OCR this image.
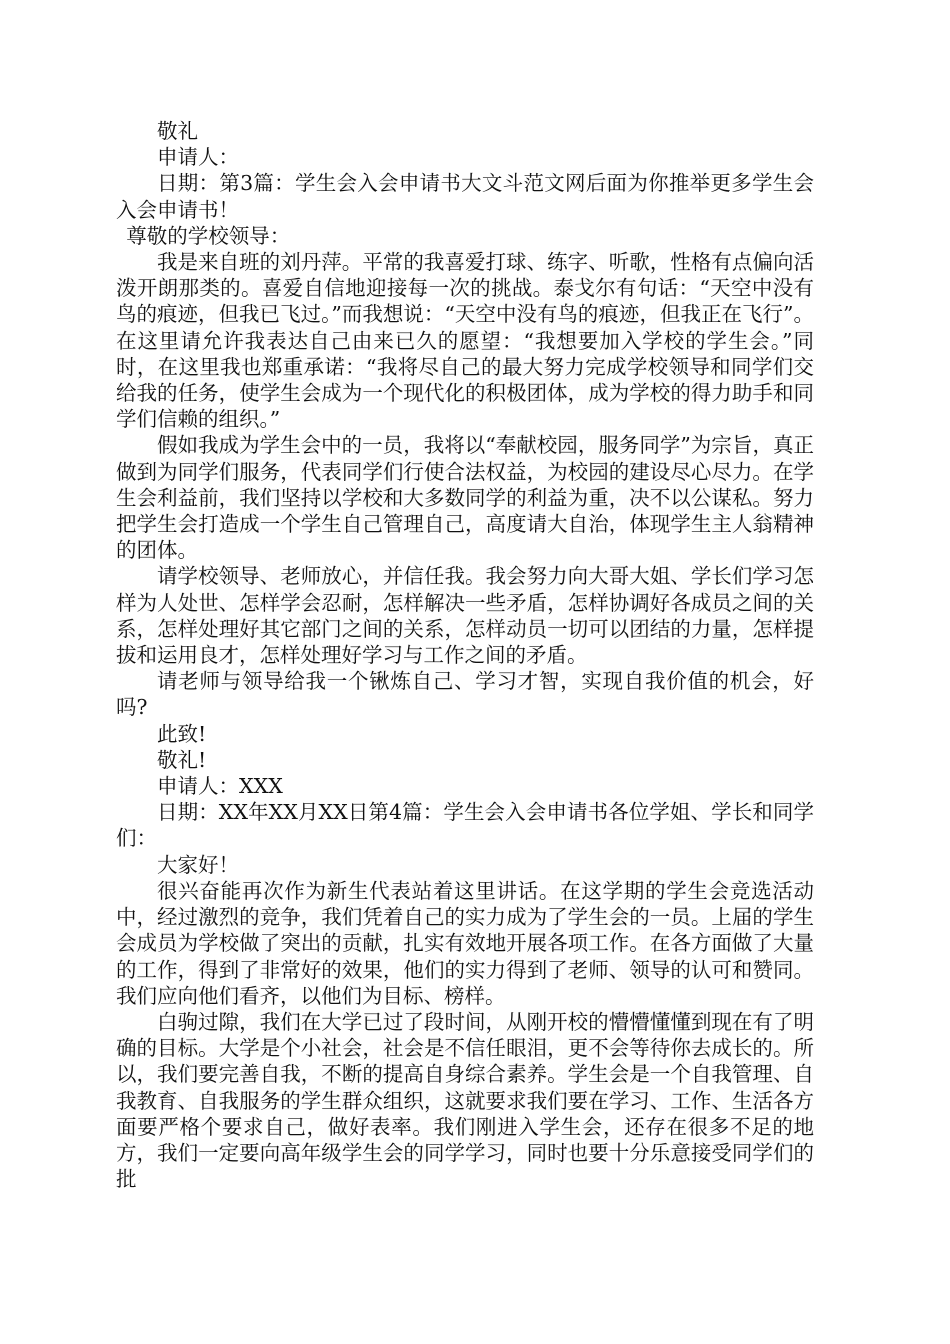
敬礼

申请人：

日期：第3篇：学生会入会申请书大文斗范文网后面为你推举更多学生会入会申请书！

尊敬的学校领导：

我是来自班的刘丹萍。平常的我喜爱打球、练字、听歌，性格有点偏向活泼开朗那类的。喜爱自信地迎接每一次的挑战。泰戈尔有句话：“天空中没有鸟的痕迹，但我已飞过。”而我想说：“天空中没有鸟的痕迹，但我正在飞行”。在这里请允许我表达自己由来已久的愿望：“我想要加入学校的学生会。”同时，在这里我也郑重承诺：“我将尽自己的最大努力完成学校领导和同学们交给我的任务，使学生会成为一个现代化的积极团体，成为学校的得力助手和同学们信赖的组织。”

假如我成为学生会中的一员，我将以“奉献校园，服务同学”为宗旨，真正做到为同学们服务，代表同学们行使合法权益，为校园的建设尽心尽力。在学生会利益前，我们坚持以学校和大多数同学的利益为重，决不以公谋私。努力把学生会打造成一个学生自己管理自己，高度请大自治，体现学生主人翁精神的团体。

请学校领导、老师放心，并信任我。我会努力向大哥大姐、学长们学习怎样为人处世、怎样学会忍耐，怎样解决一些矛盾，怎样协调好各成员之间的关系，怎样处理好其它部门之间的关系，怎样动员一切可以团结的力量，怎样提拔和运用良才，怎样处理好学习与工作之间的矛盾。

请老师与领导给我一个锹炼自己、学习才智，实现自我价值的机会，好吗?

此致!

敬礼!

申请人：XXX

日期：XX年XX月XX日第4篇：学生会入会申请书各位学姐、学长和同学们：

大家好！

很兴奋能再次作为新生代表站着这里讲话。在这学期的学生会竞选活动中，经过激烈的竞争，我们凭着自己的实力成为了学生会的一员。上届的学生会成员为学校做了突出的贡献，扎实有效地开展各项工作。在各方面做了大量的工作，得到了非常好的效果，他们的实力得到了老师、领导的认可和赞同。我们应向他们看齐，以他们为目标、榜样。

白驹过隙，我们在大学已过了段时间，从刚开校的懵懵懂懂到现在有了明确的目标。大学是个小社会，社会是不信任眼泪，更不会等待你去成长的。所以，我们要完善自我，不断的提高自身综合素养。学生会是一个自我管理、自我教育、自我服务的学生群众组织，这就要求我们要在学习、工作、生活各方面要严格个要求自己，做好表率。我们刚进入学生会，还存在很多不足的地方，我们一定要向高年级学生会的同学学习，同时也要十分乐意接受同学们的批
